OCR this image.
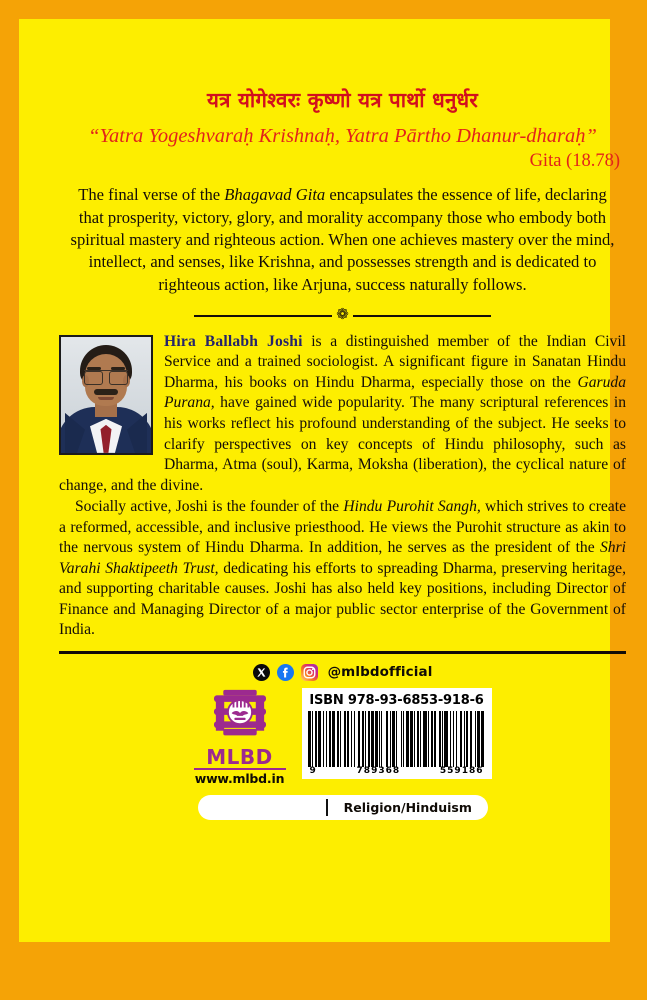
यत्र योगेश्वरः कृष्णो यत्र पार्थो धनुर्धर
“Yatra Yogeshvaraḥ Krishnaḥ, Yatra Pārtho Dhanur-dharaḥ”
Gita (18.78)
The final verse of the Bhagavad Gita encapsulates the essence of life, declaring that prosperity, victory, glory, and morality accompany those who embody both spiritual mastery and righteous action. When one achieves mastery over the mind, intellect, and senses, like Krishna, and possesses strength and is dedicated to righteous action, like Arjuna, success naturally follows.
❁

Hira Ballabh Joshi is a distinguished member of the Indian Civil Service and a trained sociologist. A significant figure in Sanatan Hindu Dharma, his books on Hindu Dharma, especially those on the Garuda Purana, have gained wide popularity. The many scriptural references in his works reflect his profound understanding of the subject. He seeks to clarify perspectives on key concepts of Hindu philosophy, such as Dharma, Atma (soul), Karma, Moksha (liberation), the cyclical nature of change, and the divine.

Socially active, Joshi is the founder of the Hindu Purohit Sangh, which strives to create a reformed, accessible, and inclusive priesthood. He views the Purohit structure as akin to the nervous system of Hindu Dharma. In addition, he serves as the president of the Shri Varahi Shaktipeeth Trust, dedicating his efforts to spreading Dharma, preserving heritage, and supporting charitable causes. Joshi has also held key positions, including Director of Finance and Managing Director of a major public sector enterprise of the Government of India.

@mlbdofficial
MLBD
www.mlbd.in
ISBN 978-93-6853-918-6
9	789368	559186
Religion/Hinduism
